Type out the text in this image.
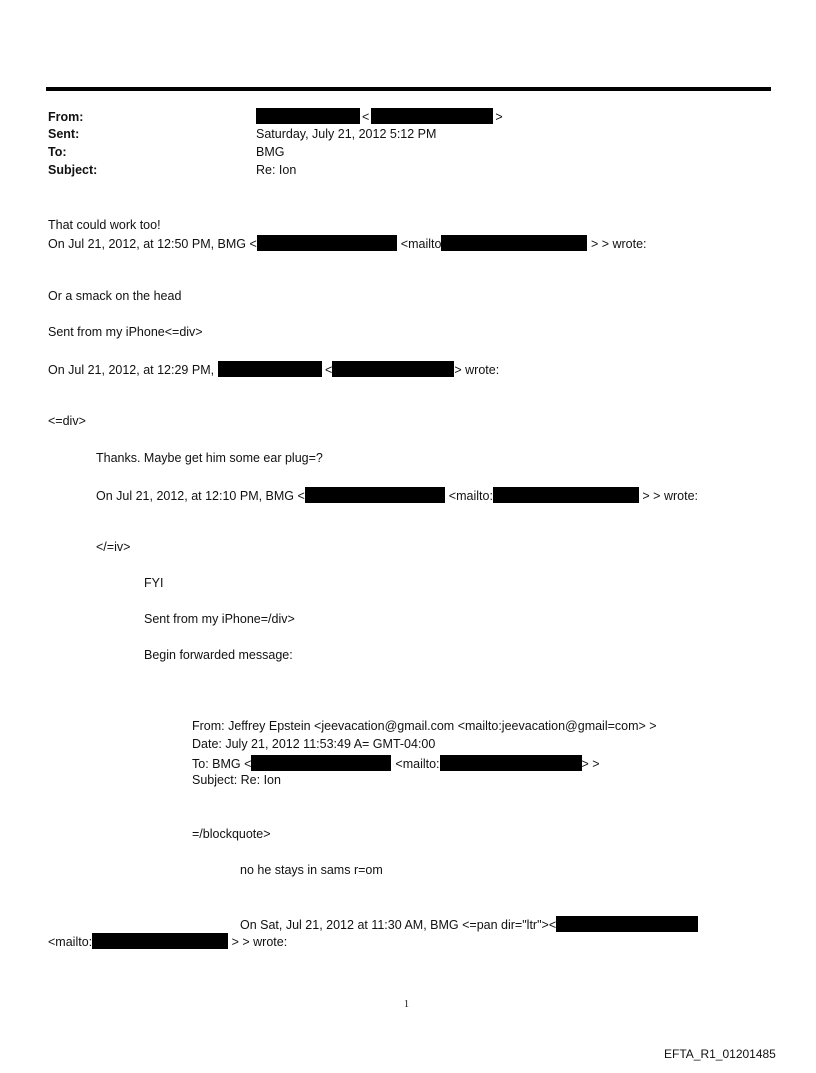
From:	<	>
Sent:	Saturday, July 21, 2012 5:12 PM
To:	BMG
Subject:	Re: Ion
That could work too!
On Jul 21, 2012, at 12:50 PM, BMG <	<mailto	> > wrote:
Or a smack on the head
Sent from my iPhone<=div>
On Jul 21, 2012, at 12:29 PM,	<	> wrote:
<=div>
Thanks. Maybe get him some ear plug=?
On Jul 21, 2012, at 12:10 PM, BMG <	<mailto:	> > wrote:
</=iv>
FYI
Sent from my iPhone=/div>
Begin forwarded message:
From: Jeffrey Epstein <jeevacation@gmail.com <mailto:jeevacation@gmail=com> >
Date: July 21, 2012 11:53:49 A= GMT-04:00
To: BMG <	<mailto:	> >
Subject: Re: Ion
=/blockquote>
no he stays in sams r=om
On Sat, Jul 21, 2012 at 11:30 AM, BMG <=pan dir="ltr"><
<mailto:	> > wrote:
1
EFTA_R1_01201485
